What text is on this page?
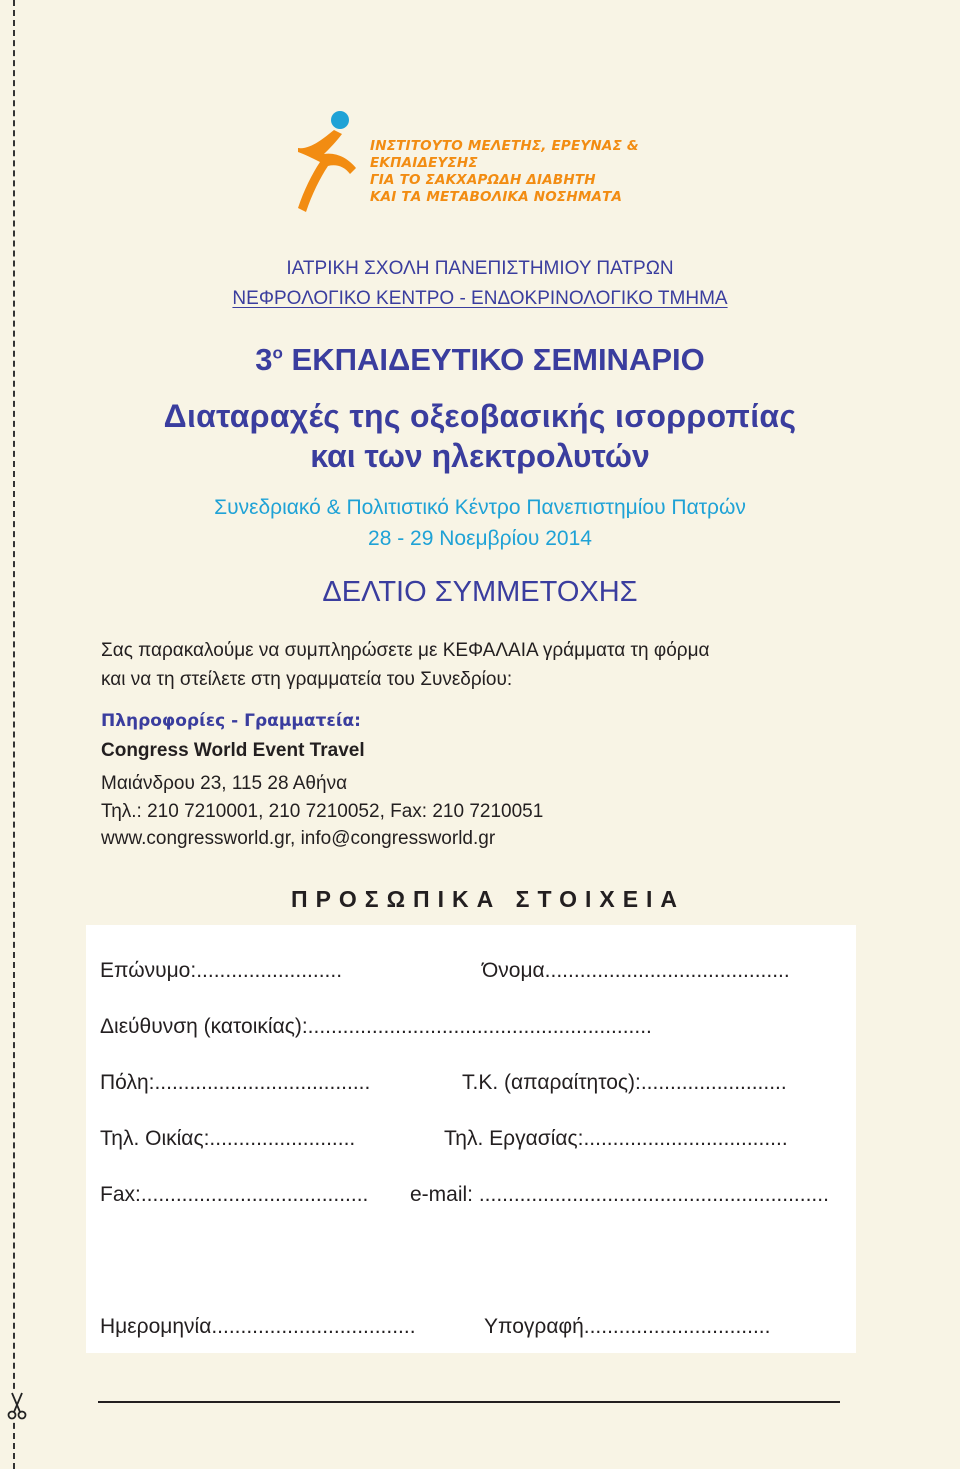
ΙΝΣΤΙΤΟΥΤΟ ΜΕΛΕΤΗΣ, ΕΡΕΥΝΑΣ & ΕΚΠΑΙΔΕΥΣΗΣ
ΓΙΑ ΤΟ ΣΑΚΧΑΡΩΔΗ ΔΙΑΒΗΤΗ
ΚΑΙ ΤΑ ΜΕΤΑΒΟΛΙΚΑ ΝΟΣΗΜΑΤΑ
ΙΑΤΡΙΚΗ ΣΧΟΛΗ ΠΑΝΕΠΙΣΤΗΜΙΟΥ ΠΑΤΡΩΝ
ΝΕΦΡΟΛΟΓΙΚΟ ΚΕΝΤΡΟ - ΕΝΔΟΚΡΙΝΟΛΟΓΙΚΟ ΤΜΗΜΑ
$3^o$ ΕΚΠΑΙΔΕΥΤΙΚΟ ΣΕΜΙΝΑΡΙΟ
Διαταραχές της οξεοβασικής ισορροπίας
και των ηλεκτρολυτών
Συνεδριακό & Πολιτιστικό Κέντρο Πανεπιστημίου Πατρών
28 - 29 Νοεμβρίου 2014
ΔΕΛΤΙΟ ΣΥΜΜΕΤΟΧΗΣ
Σας παρακαλούμε να συμπληρώσετε με ΚΕΦΑΛΑΙΑ γράμματα τη φόρμα
και να τη στείλετε στη γραμματεία του Συνεδρίου:
Πληροφορίες - Γραμματεία:
Congress World Event Travel
Μαιάνδρου 23, 115 28 Αθήνα
Τηλ.: 210 7210001, 210 7210052, Fax: 210 7210051
www.congressworld.gr, info@congressworld.gr
ΠΡΟΣΩΠΙΚΑ ΣΤΟΙΧΕΙΑ
Επώνυμο:.........................	Όνομα..........................................
Διεύθυνση (κατοικίας):...........................................................
Πόλη:.....................................	Τ.Κ. (απαραίτητος):.........................
Τηλ. Οικίας:.........................	Τηλ. Εργασίας:...................................
Fax:....................................... e-mail: ............................................................
Ημερομηνία...................................	Υπογραφή................................
